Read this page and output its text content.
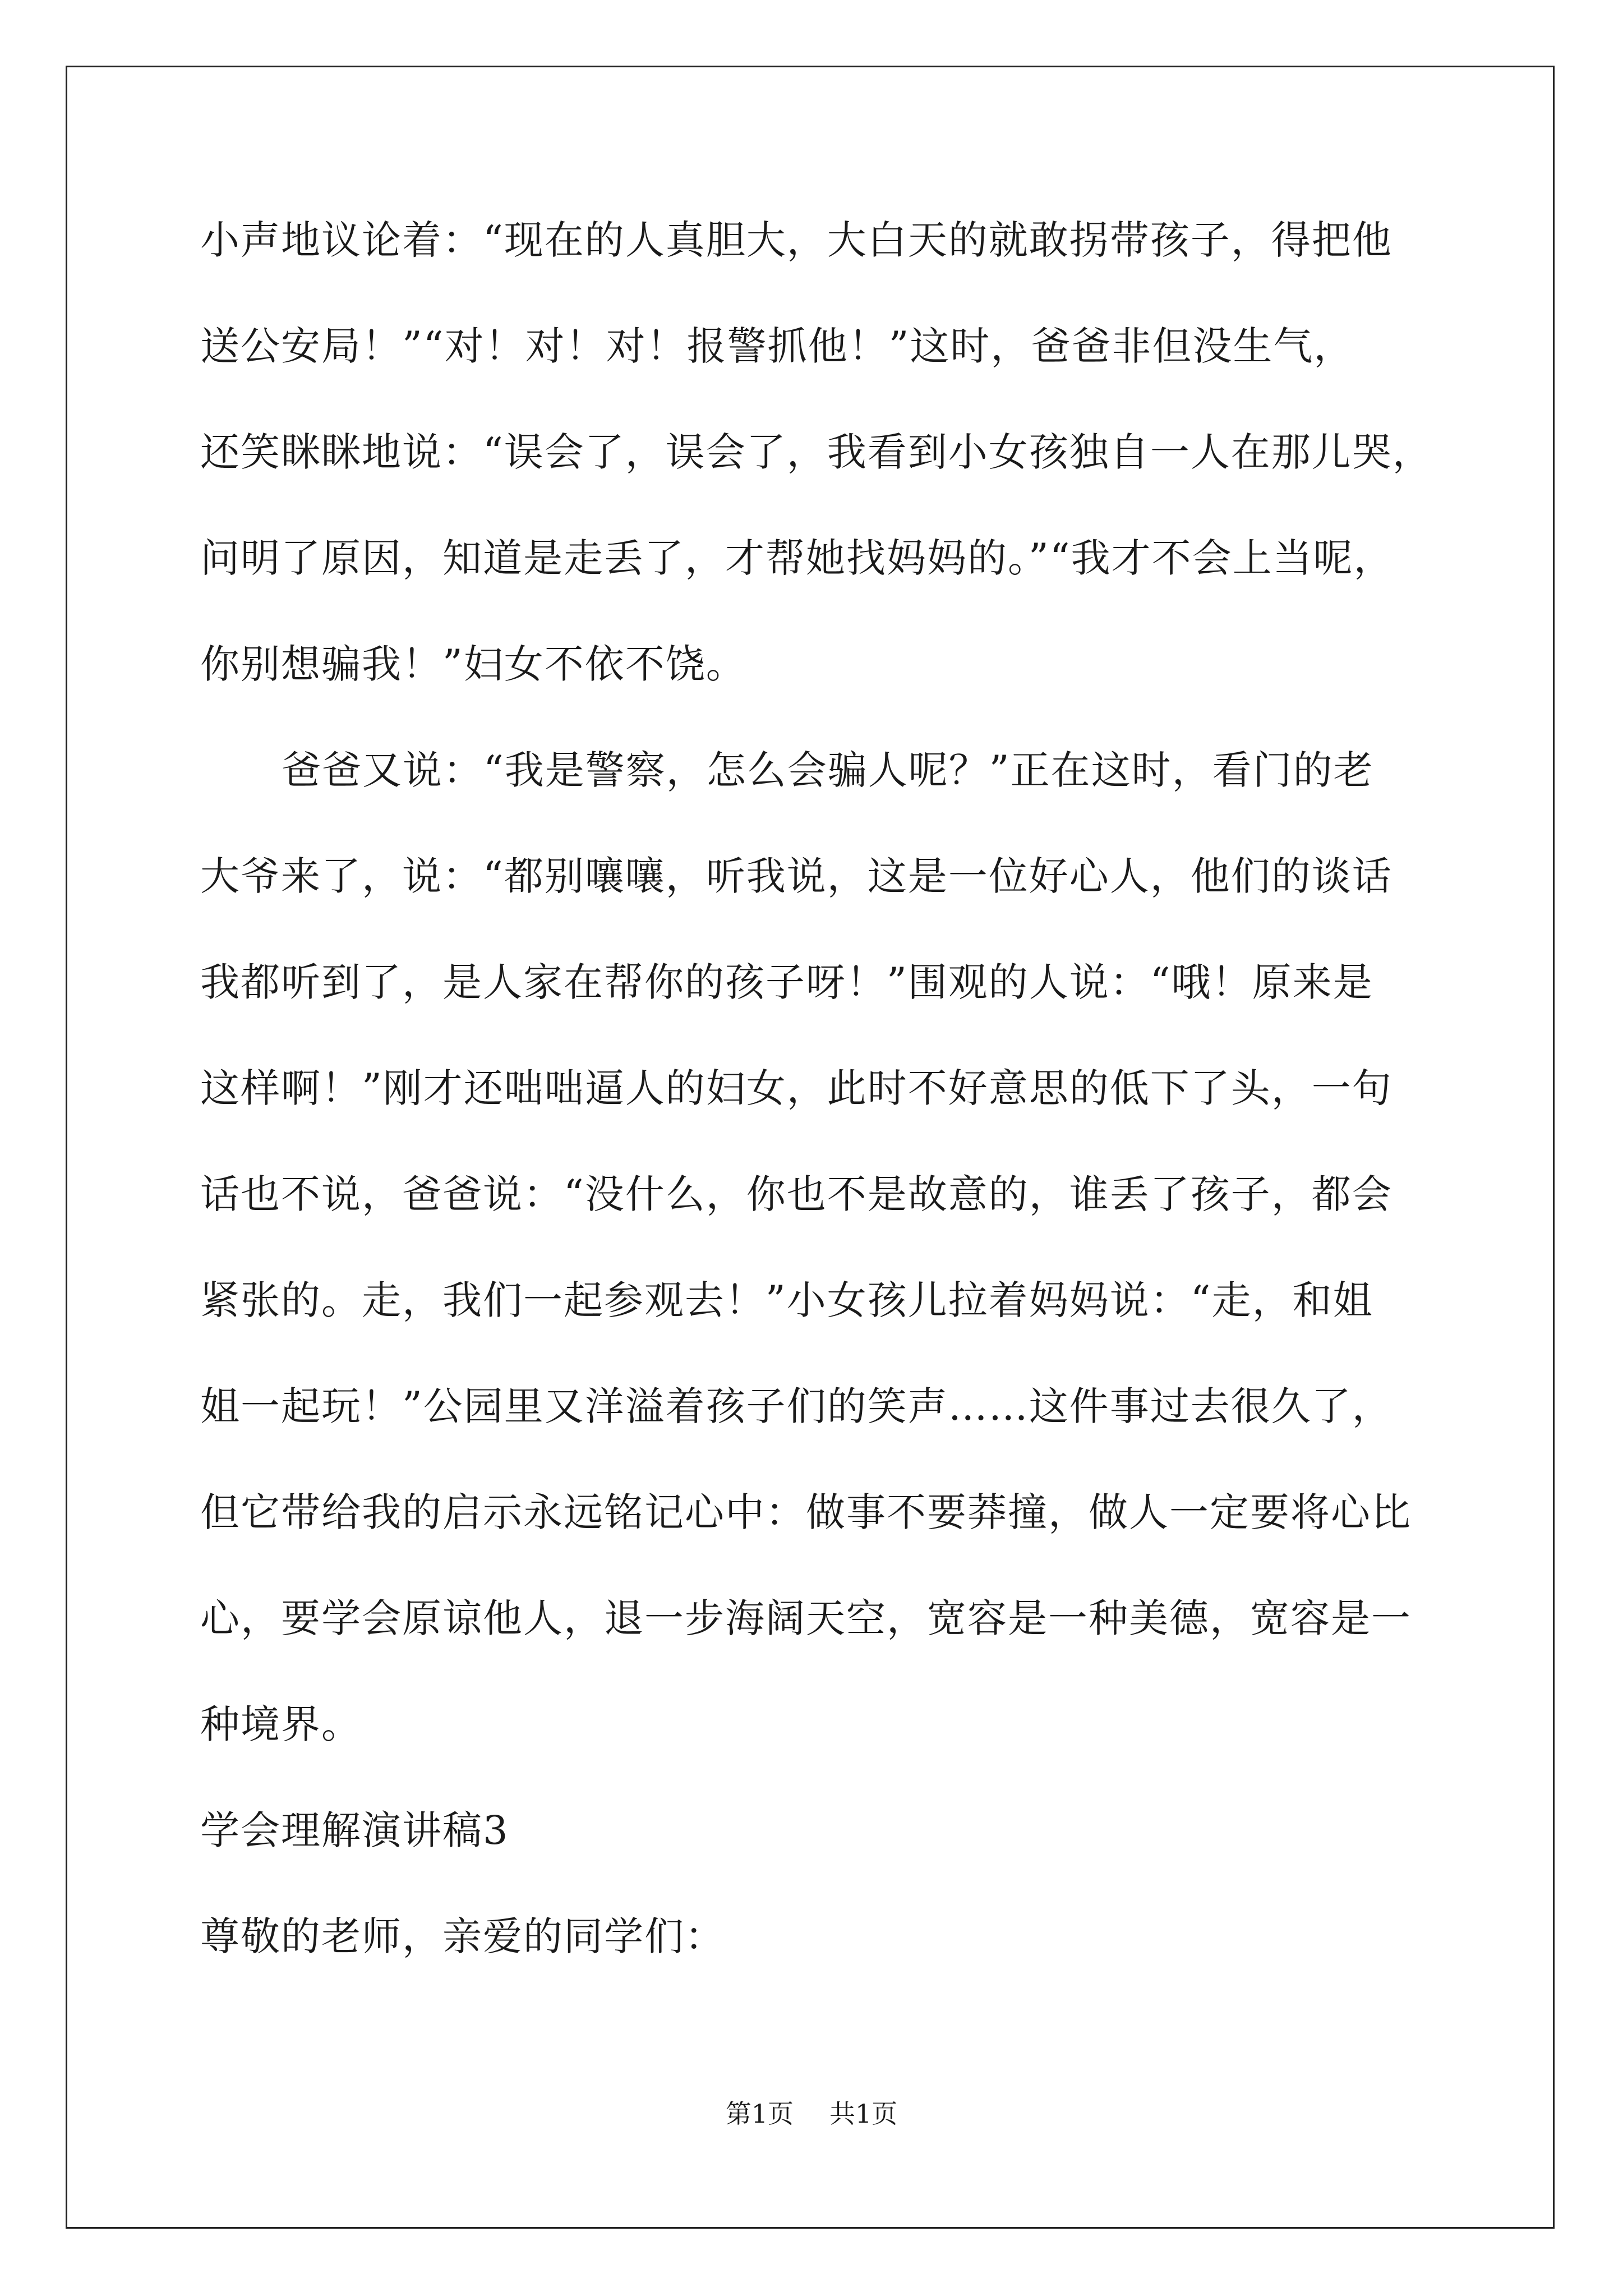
小声地议论着：“现在的人真胆大，大白天的就敢拐带孩子，得把他
送公安局！”“对！对！对！报警抓他！”这时，爸爸非但没生气，
还笑眯眯地说：“误会了，误会了，我看到小女孩独自一人在那儿哭，
问明了原因，知道是走丢了，才帮她找妈妈的。”“我才不会上当呢，
你别想骗我！”妇女不依不饶。
爸爸又说：“我是警察，怎么会骗人呢？”正在这时，看门的老
大爷来了，说：“都别嚷嚷，听我说，这是一位好心人，他们的谈话
我都听到了，是人家在帮你的孩子呀！”围观的人说：“哦！原来是
这样啊！”刚才还咄咄逼人的妇女，此时不好意思的低下了头，一句
话也不说，爸爸说：“没什么，你也不是故意的，谁丢了孩子，都会
紧张的。走，我们一起参观去！”小女孩儿拉着妈妈说：“走，和姐
姐一起玩！”公园里又洋溢着孩子们的笑声……这件事过去很久了，
但它带给我的启示永远铭记心中：做事不要莽撞，做人一定要将心比
心，要学会原谅他人，退一步海阔天空，宽容是一种美德，宽容是一
种境界。
学会理解演讲稿3
尊敬的老师，亲爱的同学们：
第1页 共1页
